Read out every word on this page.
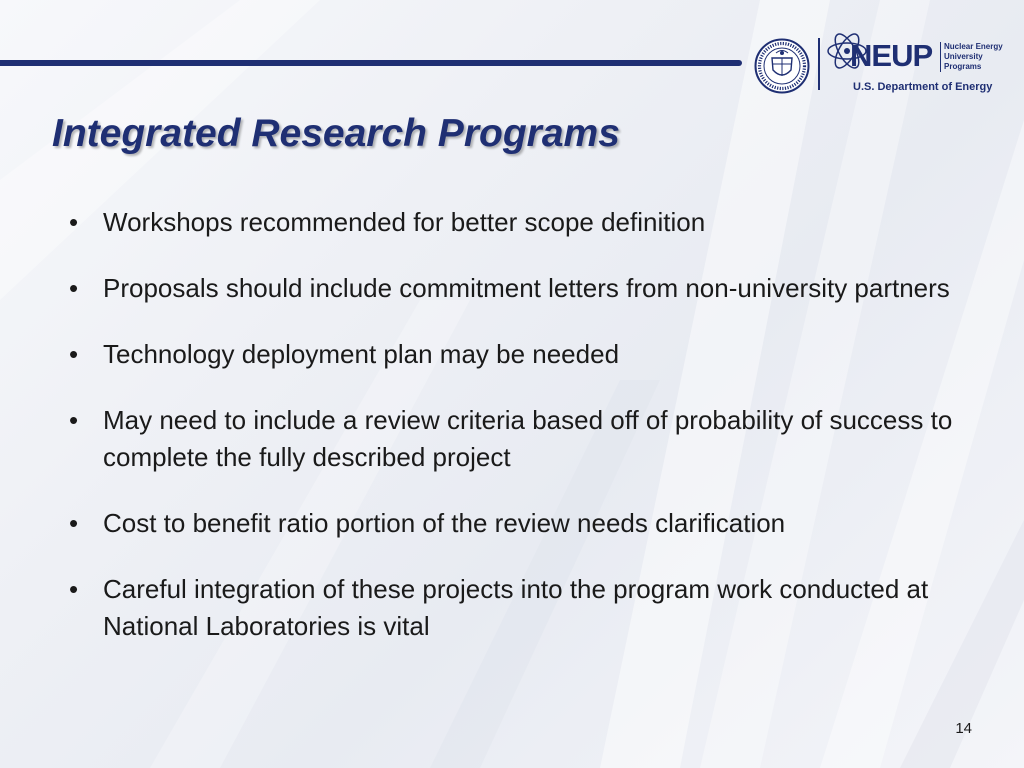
NEUP	Nuclear Energy University Programs
U.S. Department of Energy
Integrated Research Programs
• Workshops recommended for better scope definition
• Proposals should include commitment letters from non-university partners
• Technology deployment plan may be needed
• May need to include a review criteria based off of probability of success to complete the fully described project
• Cost to benefit ratio portion of the review needs clarification
• Careful integration of these projects into the program work conducted at National Laboratories is vital
14
